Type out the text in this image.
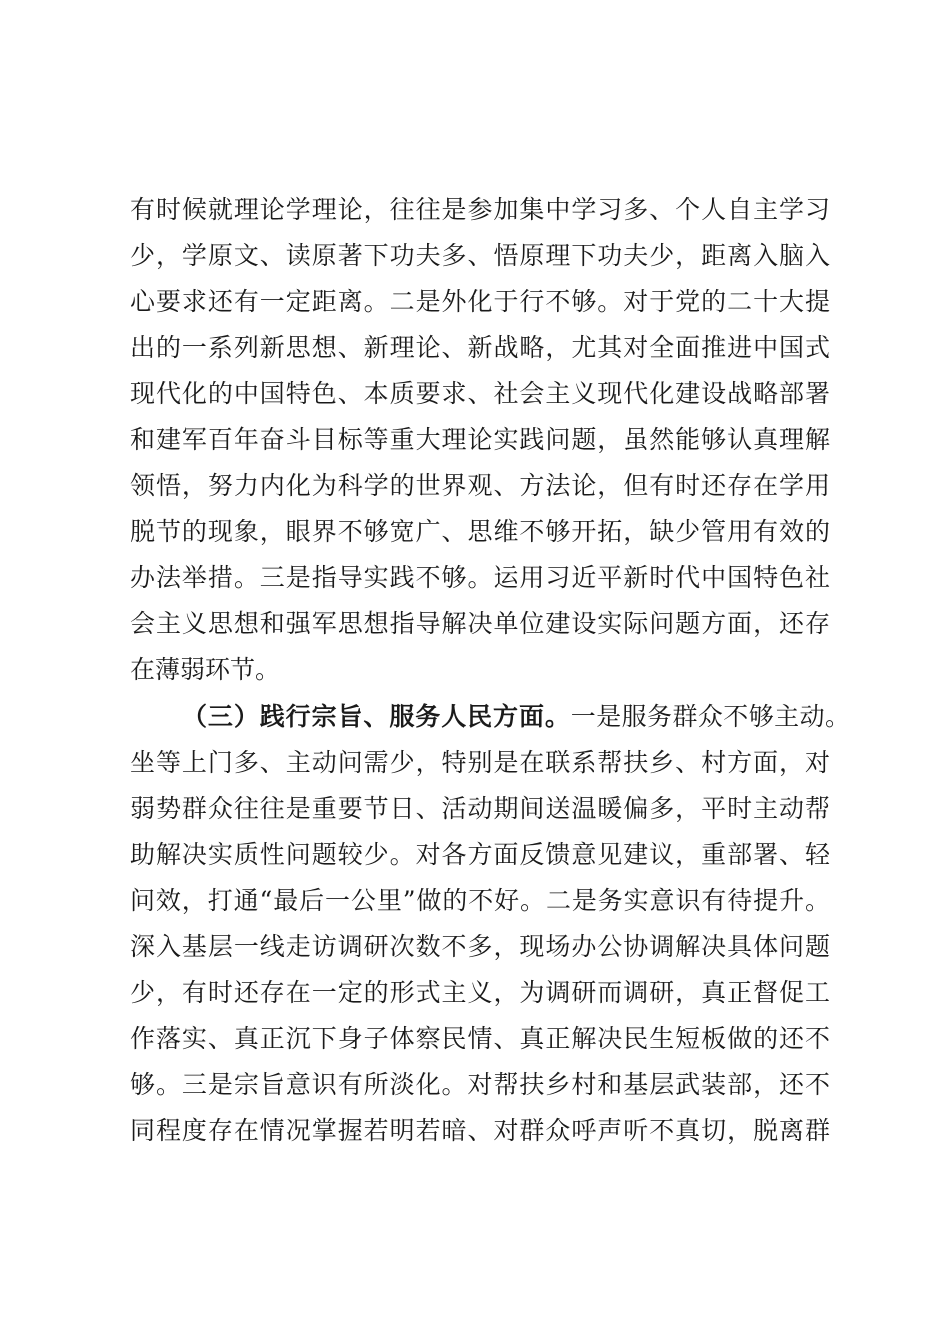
有时候就理论学理论，往往是参加集中学习多、个人自主学习
少，学原文、读原著下功夫多、悟原理下功夫少，距离入脑入
心要求还有一定距离。二是外化于行不够。对于党的二十大提
出的一系列新思想、新理论、新战略，尤其对全面推进中国式
现代化的中国特色、本质要求、社会主义现代化建设战略部署
和建军百年奋斗目标等重大理论实践问题，虽然能够认真理解
领悟，努力内化为科学的世界观、方法论，但有时还存在学用
脱节的现象，眼界不够宽广、思维不够开拓，缺少管用有效的
办法举措。三是指导实践不够。运用习近平新时代中国特色社
会主义思想和强军思想指导解决单位建设实际问题方面，还存
在薄弱环节。
（三）践行宗旨、服务人民方面。一是服务群众不够主动。
坐等上门多、主动问需少，特别是在联系帮扶乡、村方面，对
弱势群众往往是重要节日、活动期间送温暖偏多，平时主动帮
助解决实质性问题较少。对各方面反馈意见建议，重部署、轻
问效，打通“最后一公里”做的不好。二是务实意识有待提升。
深入基层一线走访调研次数不多，现场办公协调解决具体问题
少，有时还存在一定的形式主义，为调研而调研，真正督促工
作落实、真正沉下身子体察民情、真正解决民生短板做的还不
够。三是宗旨意识有所淡化。对帮扶乡村和基层武装部，还不
同程度存在情况掌握若明若暗、对群众呼声听不真切，脱离群
